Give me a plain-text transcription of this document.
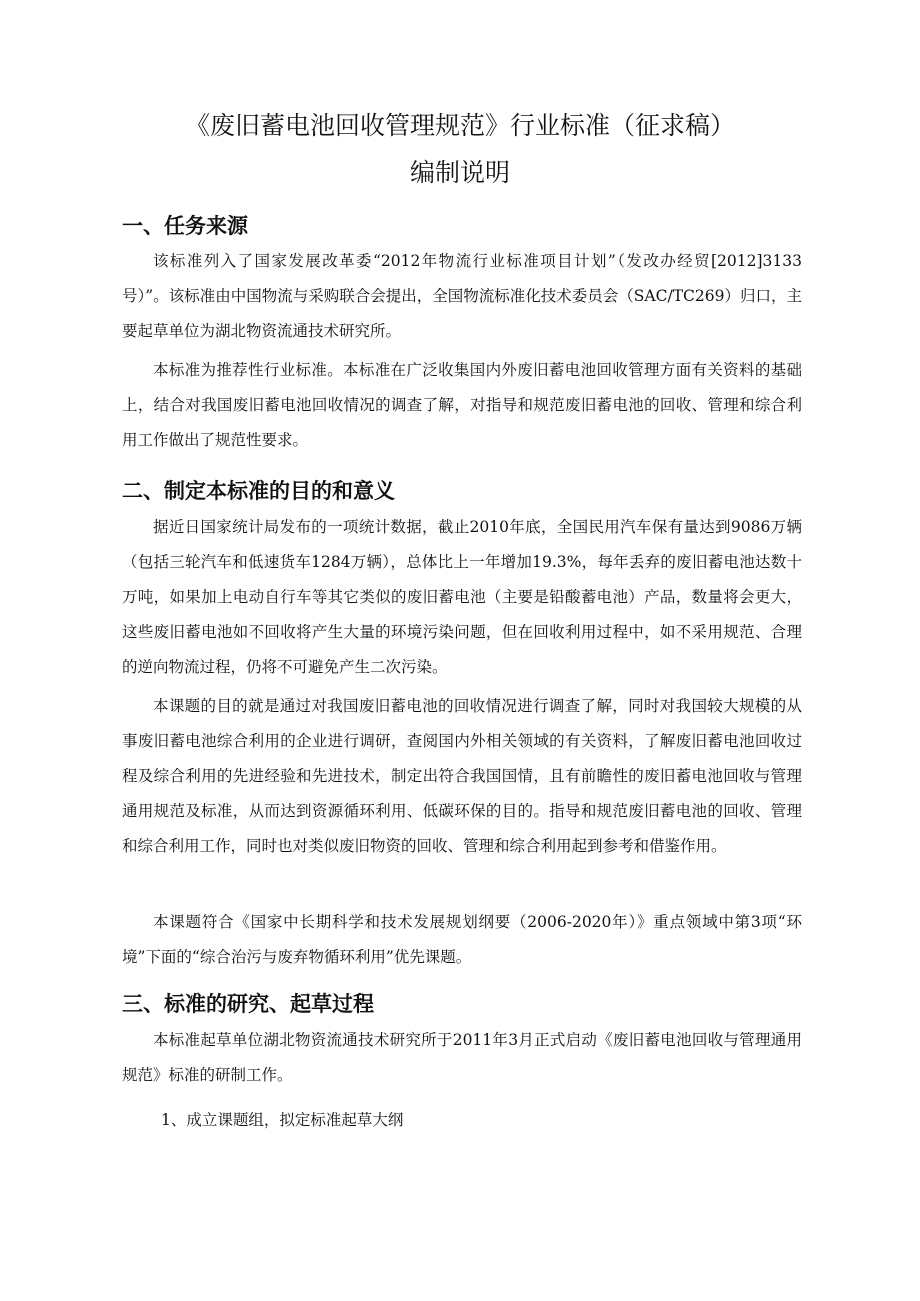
《废旧蓄电池回收管理规范》行业标准（征求稿）
编制说明
一、任务来源

该标准列入了国家发展改革委“2012年物流行业标准项目计划”（发改办经贸[2012]3133号）”。该标准由中国物流与采购联合会提出，全国物流标准化技术委员会（SAC/TC269）归口，主要起草单位为湖北物资流通技术研究所。

本标准为推荐性行业标准。本标准在广泛收集国内外废旧蓄电池回收管理方面有关资料的基础上，结合对我国废旧蓄电池回收情况的调查了解，对指导和规范废旧蓄电池的回收、管理和综合利用工作做出了规范性要求。

二、制定本标准的目的和意义

据近日国家统计局发布的一项统计数据，截止2010年底，全国民用汽车保有量达到9086万辆（包括三轮汽车和低速货车1284万辆），总体比上一年增加19.3%，每年丢弃的废旧蓄电池达数十万吨，如果加上电动自行车等其它类似的废旧蓄电池（主要是铅酸蓄电池）产品，数量将会更大，这些废旧蓄电池如不回收将产生大量的环境污染问题，但在回收利用过程中，如不采用规范、合理的逆向物流过程，仍将不可避免产生二次污染。

本课题的目的就是通过对我国废旧蓄电池的回收情况进行调查了解，同时对我国较大规模的从事废旧蓄电池综合利用的企业进行调研，查阅国内外相关领域的有关资料，了解废旧蓄电池回收过程及综合利用的先进经验和先进技术，制定出符合我国国情，且有前瞻性的废旧蓄电池回收与管理通用规范及标准，从而达到资源循环利用、低碳环保的目的。指导和规范废旧蓄电池的回收、管理和综合利用工作，同时也对类似废旧物资的回收、管理和综合利用起到参考和借鉴作用。

本课题符合《国家中长期科学和技术发展规划纲要（2006-2020年）》重点领域中第3项“环境”下面的“综合治污与废弃物循环利用”优先课题。

三、标准的研究、起草过程

本标准起草单位湖北物资流通技术研究所于2011年3月正式启动《废旧蓄电池回收与管理通用规范》标准的研制工作。

1、成立课题组，拟定标准起草大纲
